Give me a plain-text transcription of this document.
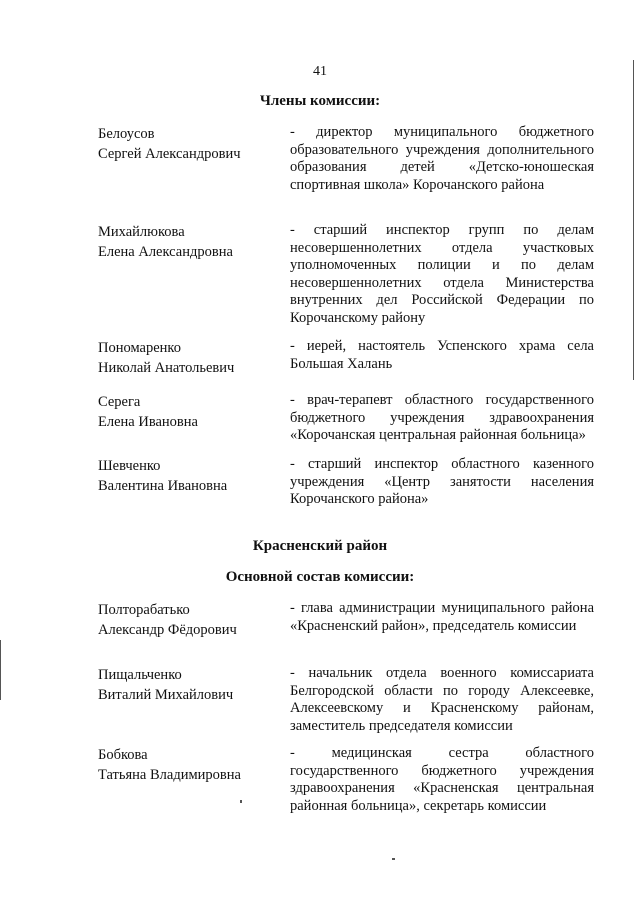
41
Члены комиссии:
Белоусов
Сергей Александрович
- директор муниципального бюджетного образовательного учреждения дополнительного образования детей «Детско-юношеская спортивная школа» Корочанского района
Михайлюкова
Елена Александровна
- старший инспектор групп по делам несовершеннолетних отдела участковых уполномоченных полиции и по делам несовершеннолетних отдела Министерства внутренних дел Российской Федерации по Корочанскому району
Пономаренко
Николай Анатольевич
- иерей, настоятель Успенского храма села Большая Халань
Серега
Елена Ивановна
- врач-терапевт областного государственного бюджетного учреждения здравоохранения «Корочанская центральная районная больница»
Шевченко
Валентина Ивановна
- старший инспектор областного казенного учреждения «Центр занятости населения Корочанского района»
Красненский район
Основной состав комиссии:
Полторабатько
Александр Фёдорович
- глава администрации муниципального района «Красненский район», председатель комиссии
Пищальченко
Виталий Михайлович
- начальник отдела военного комиссариата Белгородской области по городу Алексеевке, Алексеевскому и Красненскому районам, заместитель председателя комиссии
Бобкова
Татьяна Владимировна
- медицинская сестра областного государственного бюджетного учреждения здравоохранения «Красненская центральная районная больница», секретарь комиссии
